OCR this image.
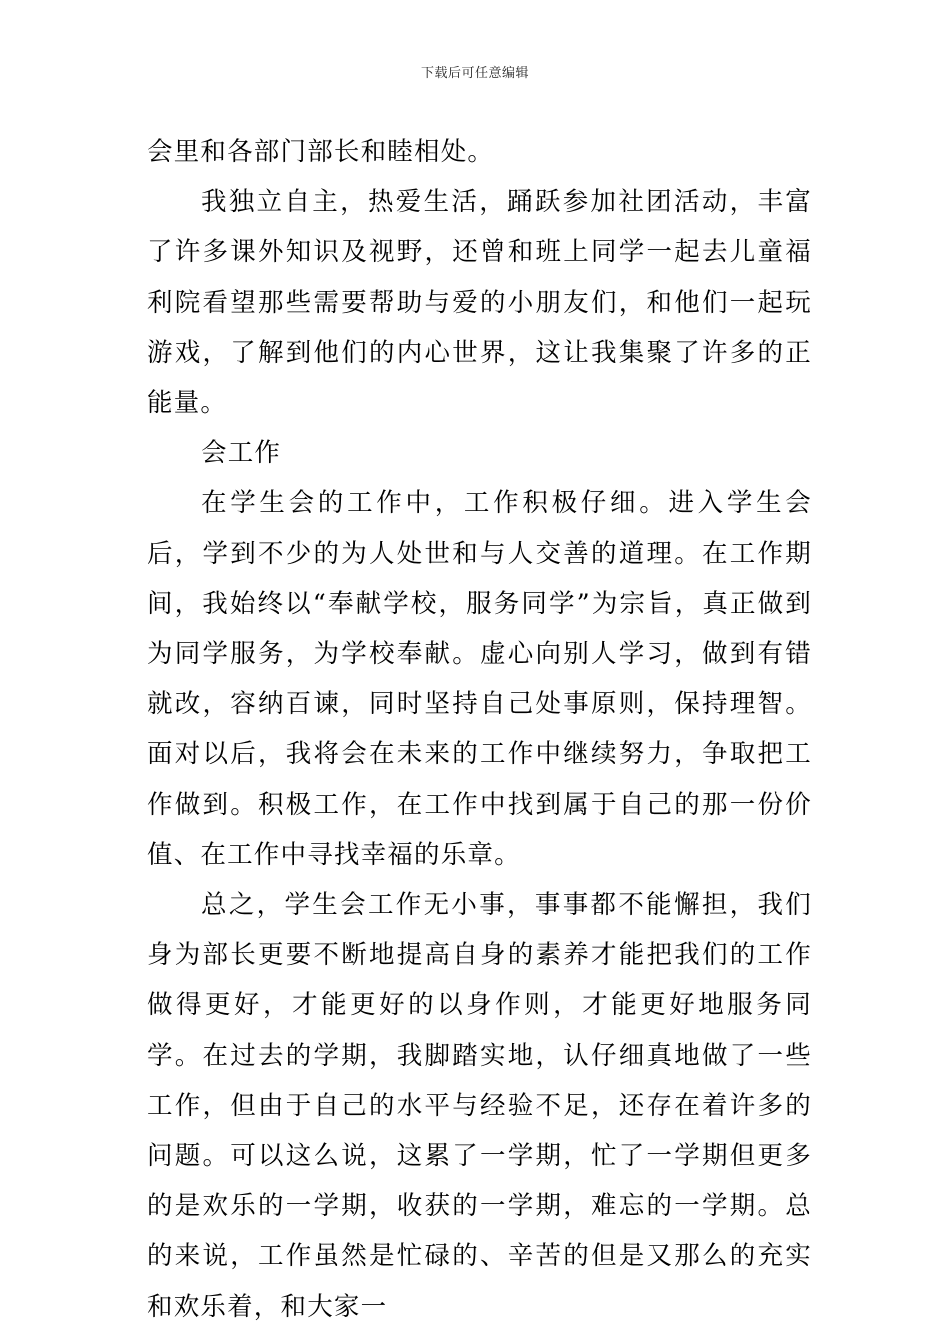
下载后可任意编辑

会里和各部门部长和睦相处。

我独立自主，热爱生活，踊跃参加社团活动，丰富了许多课外知识及视野，还曾和班上同学一起去儿童福利院看望那些需要帮助与爱的小朋友们，和他们一起玩游戏，了解到他们的内心世界，这让我集聚了许多的正能量。

会工作

在学生会的工作中，工作积极仔细。进入学生会后，学到不少的为人处世和与人交善的道理。在工作期间，我始终以“奉献学校，服务同学”为宗旨，真正做到为同学服务，为学校奉献。虚心向别人学习，做到有错就改，容纳百谏，同时坚持自己处事原则，保持理智。面对以后，我将会在未来的工作中继续努力，争取把工作做到。积极工作，在工作中找到属于自己的那一份价值、在工作中寻找幸福的乐章。

总之，学生会工作无小事，事事都不能懈担，我们身为部长更要不断地提高自身的素养才能把我们的工作做得更好，才能更好的以身作则，才能更好地服务同学。在过去的学期，我脚踏实地，认仔细真地做了一些工作，但由于自己的水平与经验不足，还存在着许多的问题。可以这么说，这累了一学期，忙了一学期但更多的是欢乐的一学期，收获的一学期，难忘的一学期。总的来说，工作虽然是忙碌的、辛苦的但是又那么的充实和欢乐着，和大家一
